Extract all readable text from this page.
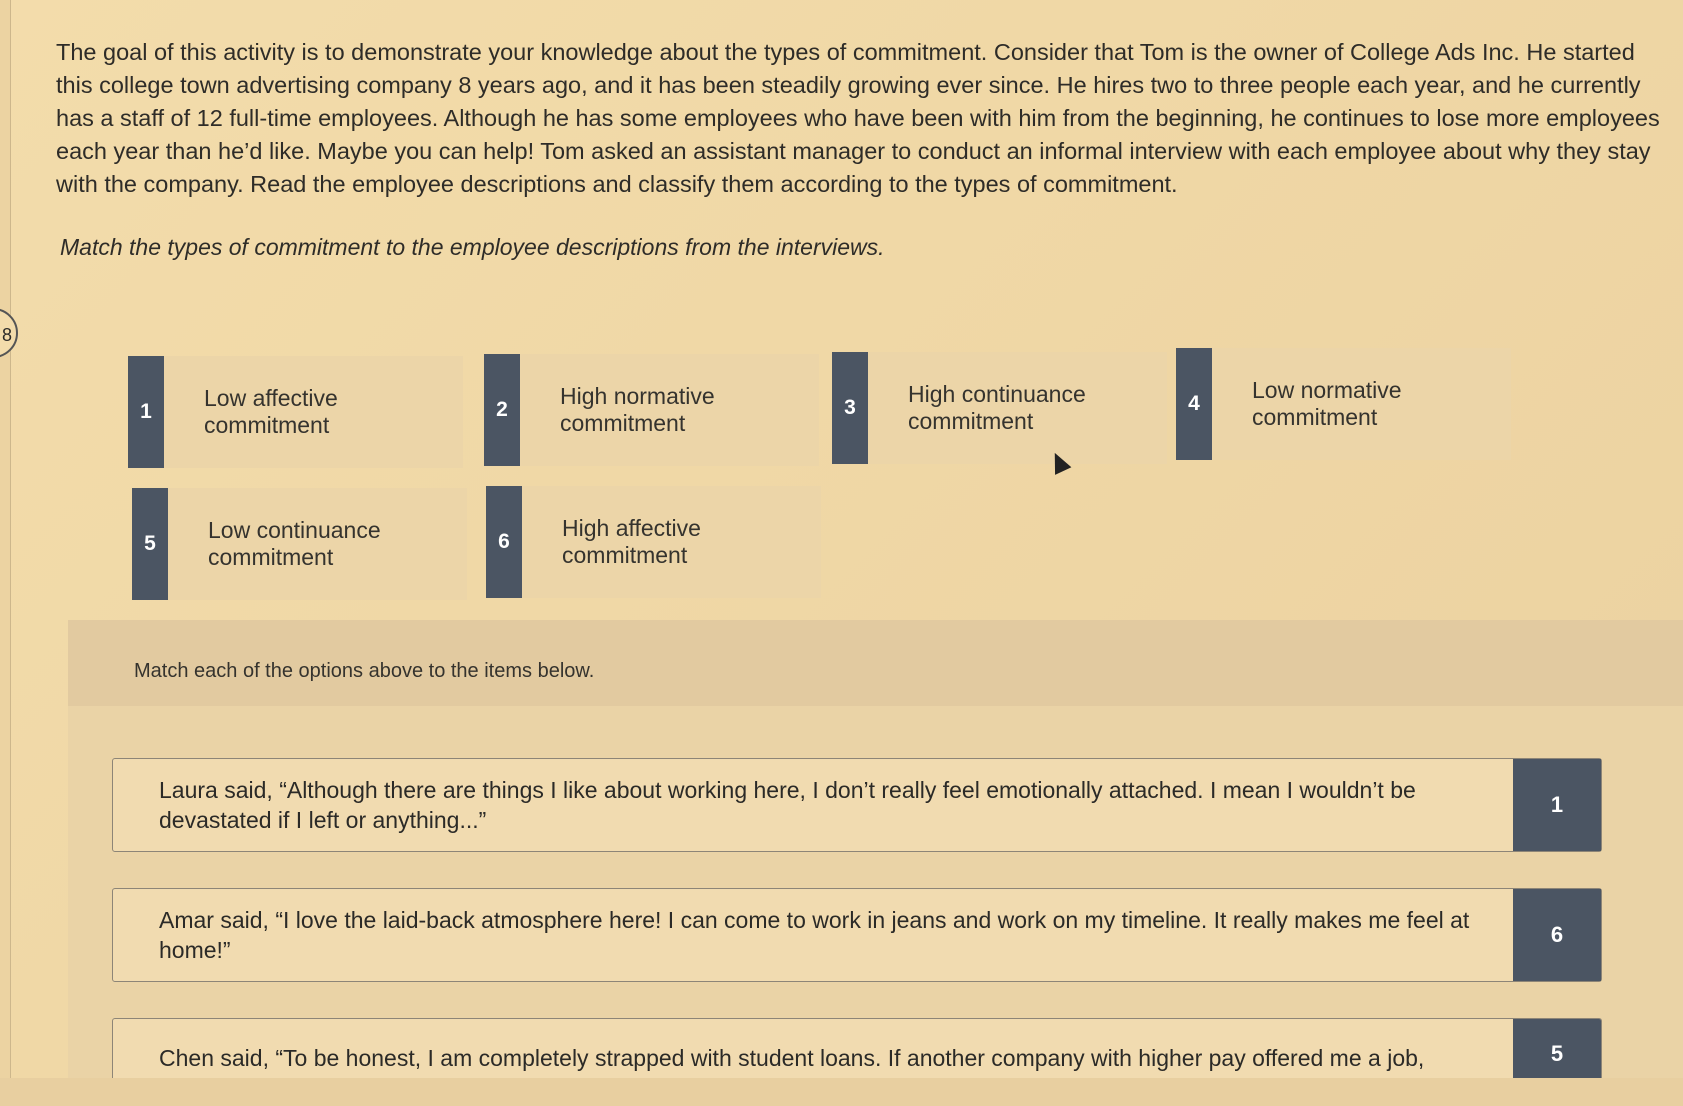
8
The goal of this activity is to demonstrate your knowledge about the types of commitment. Consider that Tom is the owner of College Ads Inc. He started this college town advertising company 8 years ago, and it has been steadily growing ever since. He hires two to three people each year, and he currently has a staff of 12 full-time employees. Although he has some employees who have been with him from the beginning, he continues to lose more employees each year than he’d like. Maybe you can help! Tom asked an assistant manager to conduct an informal interview with each employee about why they stay with the company. Read the employee descriptions and classify them according to the types of commitment.
Match the types of commitment to the employee descriptions from the interviews.
1
Low affective commitment
2
High normative commitment
3
High continuance commitment
4
Low normative commitment
5
Low continuance commitment
6
High affective commitment
Match each of the options above to the items below.
Laura said, “Although there are things I like about working here, I don’t really feel emotionally attached. I mean I wouldn’t be devastated if I left or anything...”
1
Amar said, “I love the laid-back atmosphere here! I can come to work in jeans and work on my timeline. It really makes me feel at home!”
6
Chen said, “To be honest, I am completely strapped with student loans. If another company with higher pay offered me a job,	5
